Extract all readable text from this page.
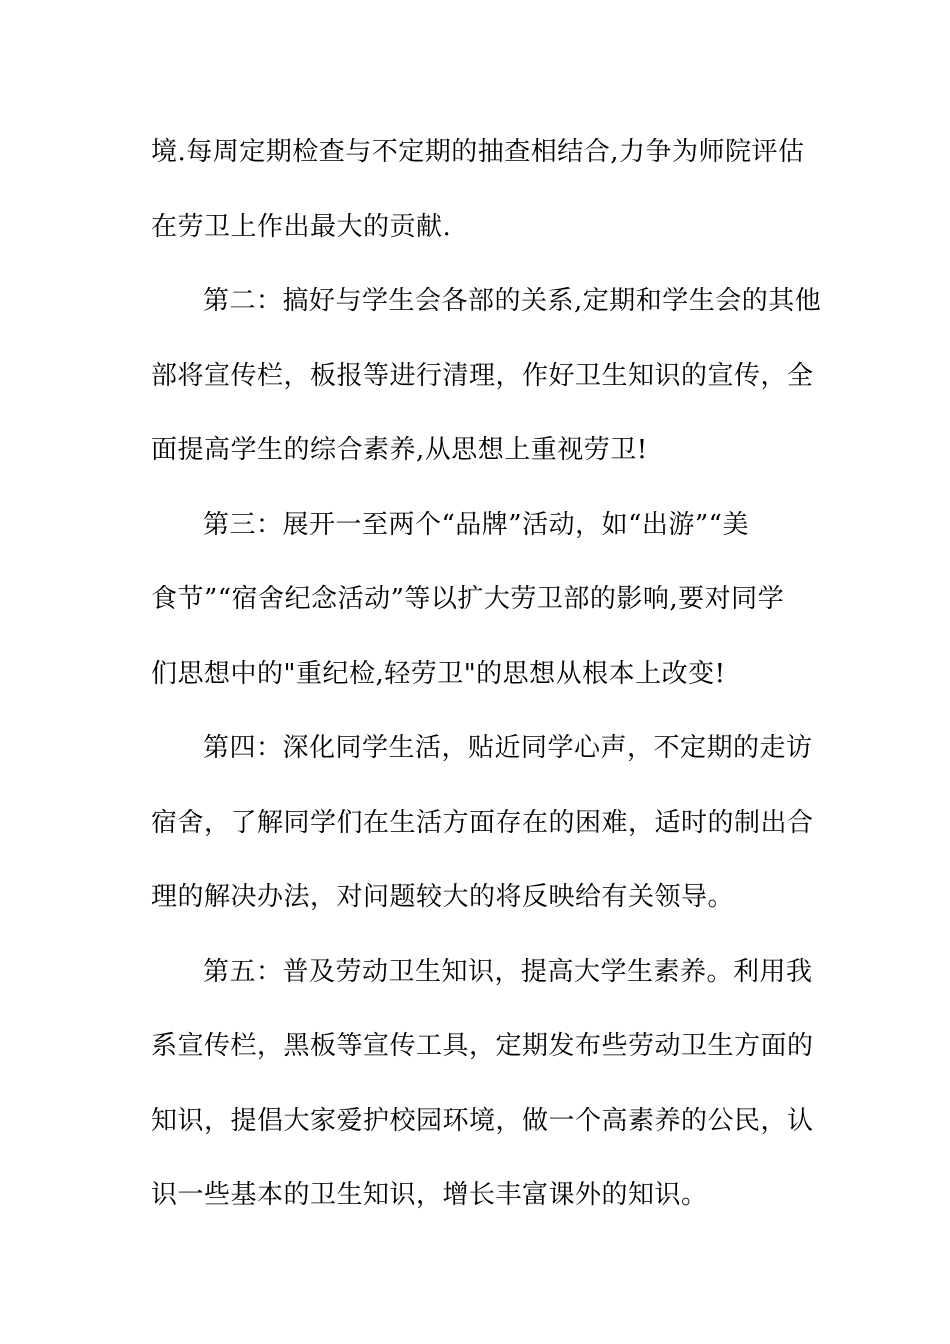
境.每周定期检查与不定期的抽查相结合,力争为师院评估
在劳卫上作出最大的贡献.
第二：搞好与学生会各部的关系,定期和学生会的其他
部将宣传栏，板报等进行清理，作好卫生知识的宣传，全
面提高学生的综合素养,从思想上重视劳卫!
第三：展开一至两个“品牌”活动，如“出游”“美
食节”“宿舍纪念活动”等以扩大劳卫部的影响,要对同学
们思想中的"重纪检,轻劳卫"的思想从根本上改变!
第四：深化同学生活，贴近同学心声，不定期的走访
宿舍，了解同学们在生活方面存在的困难，适时的制出合
理的解决办法，对问题较大的将反映给有关领导。
第五：普及劳动卫生知识，提高大学生素养。利用我
系宣传栏，黑板等宣传工具，定期发布些劳动卫生方面的
知识，提倡大家爱护校园环境，做一个高素养的公民，认
识一些基本的卫生知识，增长丰富课外的知识。
